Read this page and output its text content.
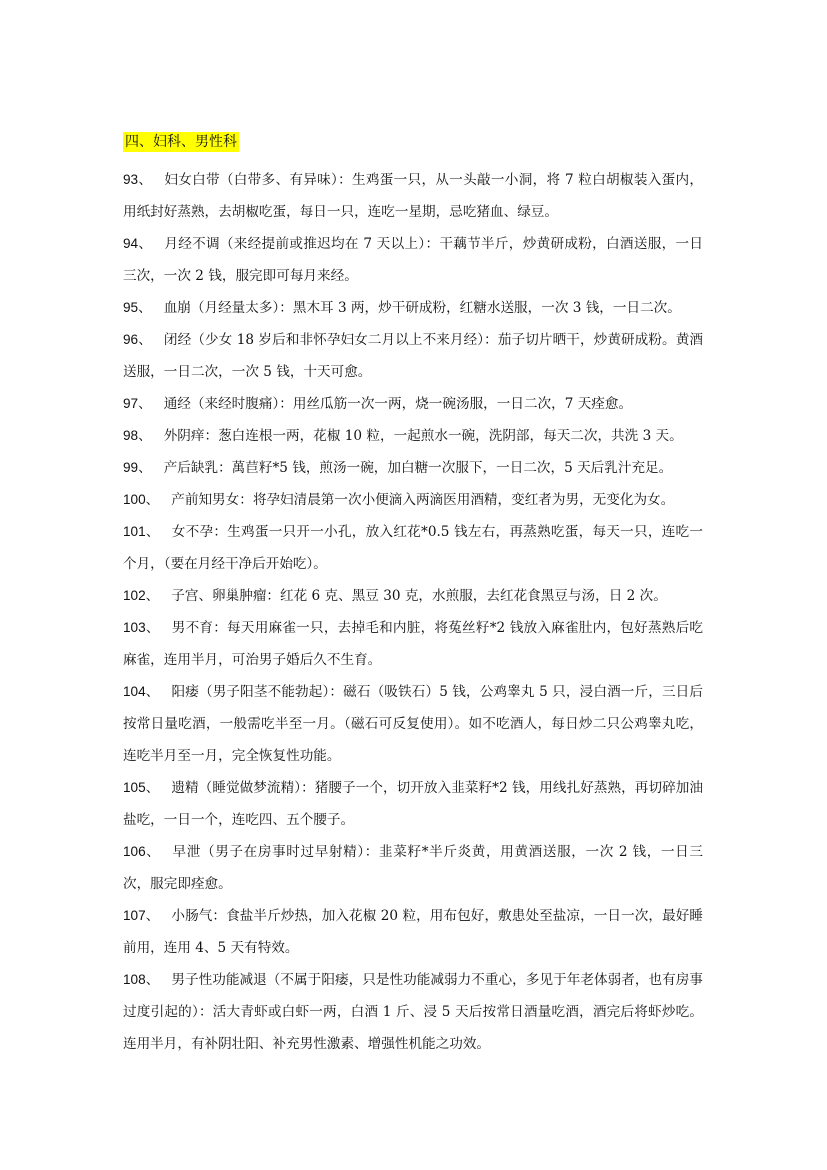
四、妇科、男性科
93、 妇女白带（白带多、有异味）：生鸡蛋一只，从一头敲一小洞，将 7 粒白胡椒装入蛋内，用纸封好蒸熟，去胡椒吃蛋，每日一只，连吃一星期，忌吃猪血、绿豆。
94、 月经不调（来经提前或推迟均在 7 天以上）：干藕节半斤，炒黄研成粉，白酒送服，一日三次，一次 2 钱，服完即可每月来经。
95、 血崩（月经量太多）：黑木耳 3 两，炒干研成粉，红糖水送服，一次 3 钱，一日二次。
96、 闭经（少女 18 岁后和非怀孕妇女二月以上不来月经）：茄子切片晒干，炒黄研成粉。黄酒送服，一日二次，一次 5 钱，十天可愈。
97、 通经（来经时腹痛）：用丝瓜筋一次一两，烧一碗汤服，一日二次，7 天痊愈。
98、 外阴痒：葱白连根一两，花椒 10 粒，一起煎水一碗，洗阴部，每天二次，共洗 3 天。
99、 产后缺乳：萬苣籽*5 钱，煎汤一碗，加白糖一次服下，一日二次，5 天后乳汁充足。
100、 产前知男女：将孕妇清晨第一次小便滴入两滴医用酒精，变红者为男，无变化为女。
101、 女不孕：生鸡蛋一只开一小孔，放入红花*0.5 钱左右，再蒸熟吃蛋，每天一只，连吃一个月，（要在月经干净后开始吃）。
102、 子宫、卵巢肿瘤：红花 6 克、黑豆 30 克，水煎服，去红花食黑豆与汤，日 2 次。
103、 男不育：每天用麻雀一只，去掉毛和内脏，将菟丝籽*2 钱放入麻雀肚内，包好蒸熟后吃麻雀，连用半月，可治男子婚后久不生育。
104、 阳痿（男子阳茎不能勃起）：磁石（吸铁石）5 钱，公鸡睾丸 5 只，浸白酒一斤，三日后按常日量吃酒，一般需吃半至一月。（磁石可反复使用）。如不吃酒人，每日炒二只公鸡睾丸吃，连吃半月至一月，完全恢复性功能。
105、 遗精（睡觉做梦流精）：猪腰子一个，切开放入韭菜籽*2 钱，用线扎好蒸熟，再切碎加油盐吃，一日一个，连吃四、五个腰子。
106、 早泄（男子在房事时过早射精）：韭菜籽*半斤炎黄，用黄酒送服，一次 2 钱，一日三次，服完即痊愈。
107、 小肠气：食盐半斤炒热，加入花椒 20 粒，用布包好，敷患处至盐凉，一日一次，最好睡前用，连用 4、5 天有特效。
108、 男子性功能减退（不属于阳痿，只是性功能减弱力不重心，多见于年老体弱者，也有房事过度引起的）：活大青虾或白虾一两，白酒 1 斤、浸 5 天后按常日酒量吃酒，酒完后将虾炒吃。连用半月，有补阴壮阳、补充男性激素、增强性机能之功效。
